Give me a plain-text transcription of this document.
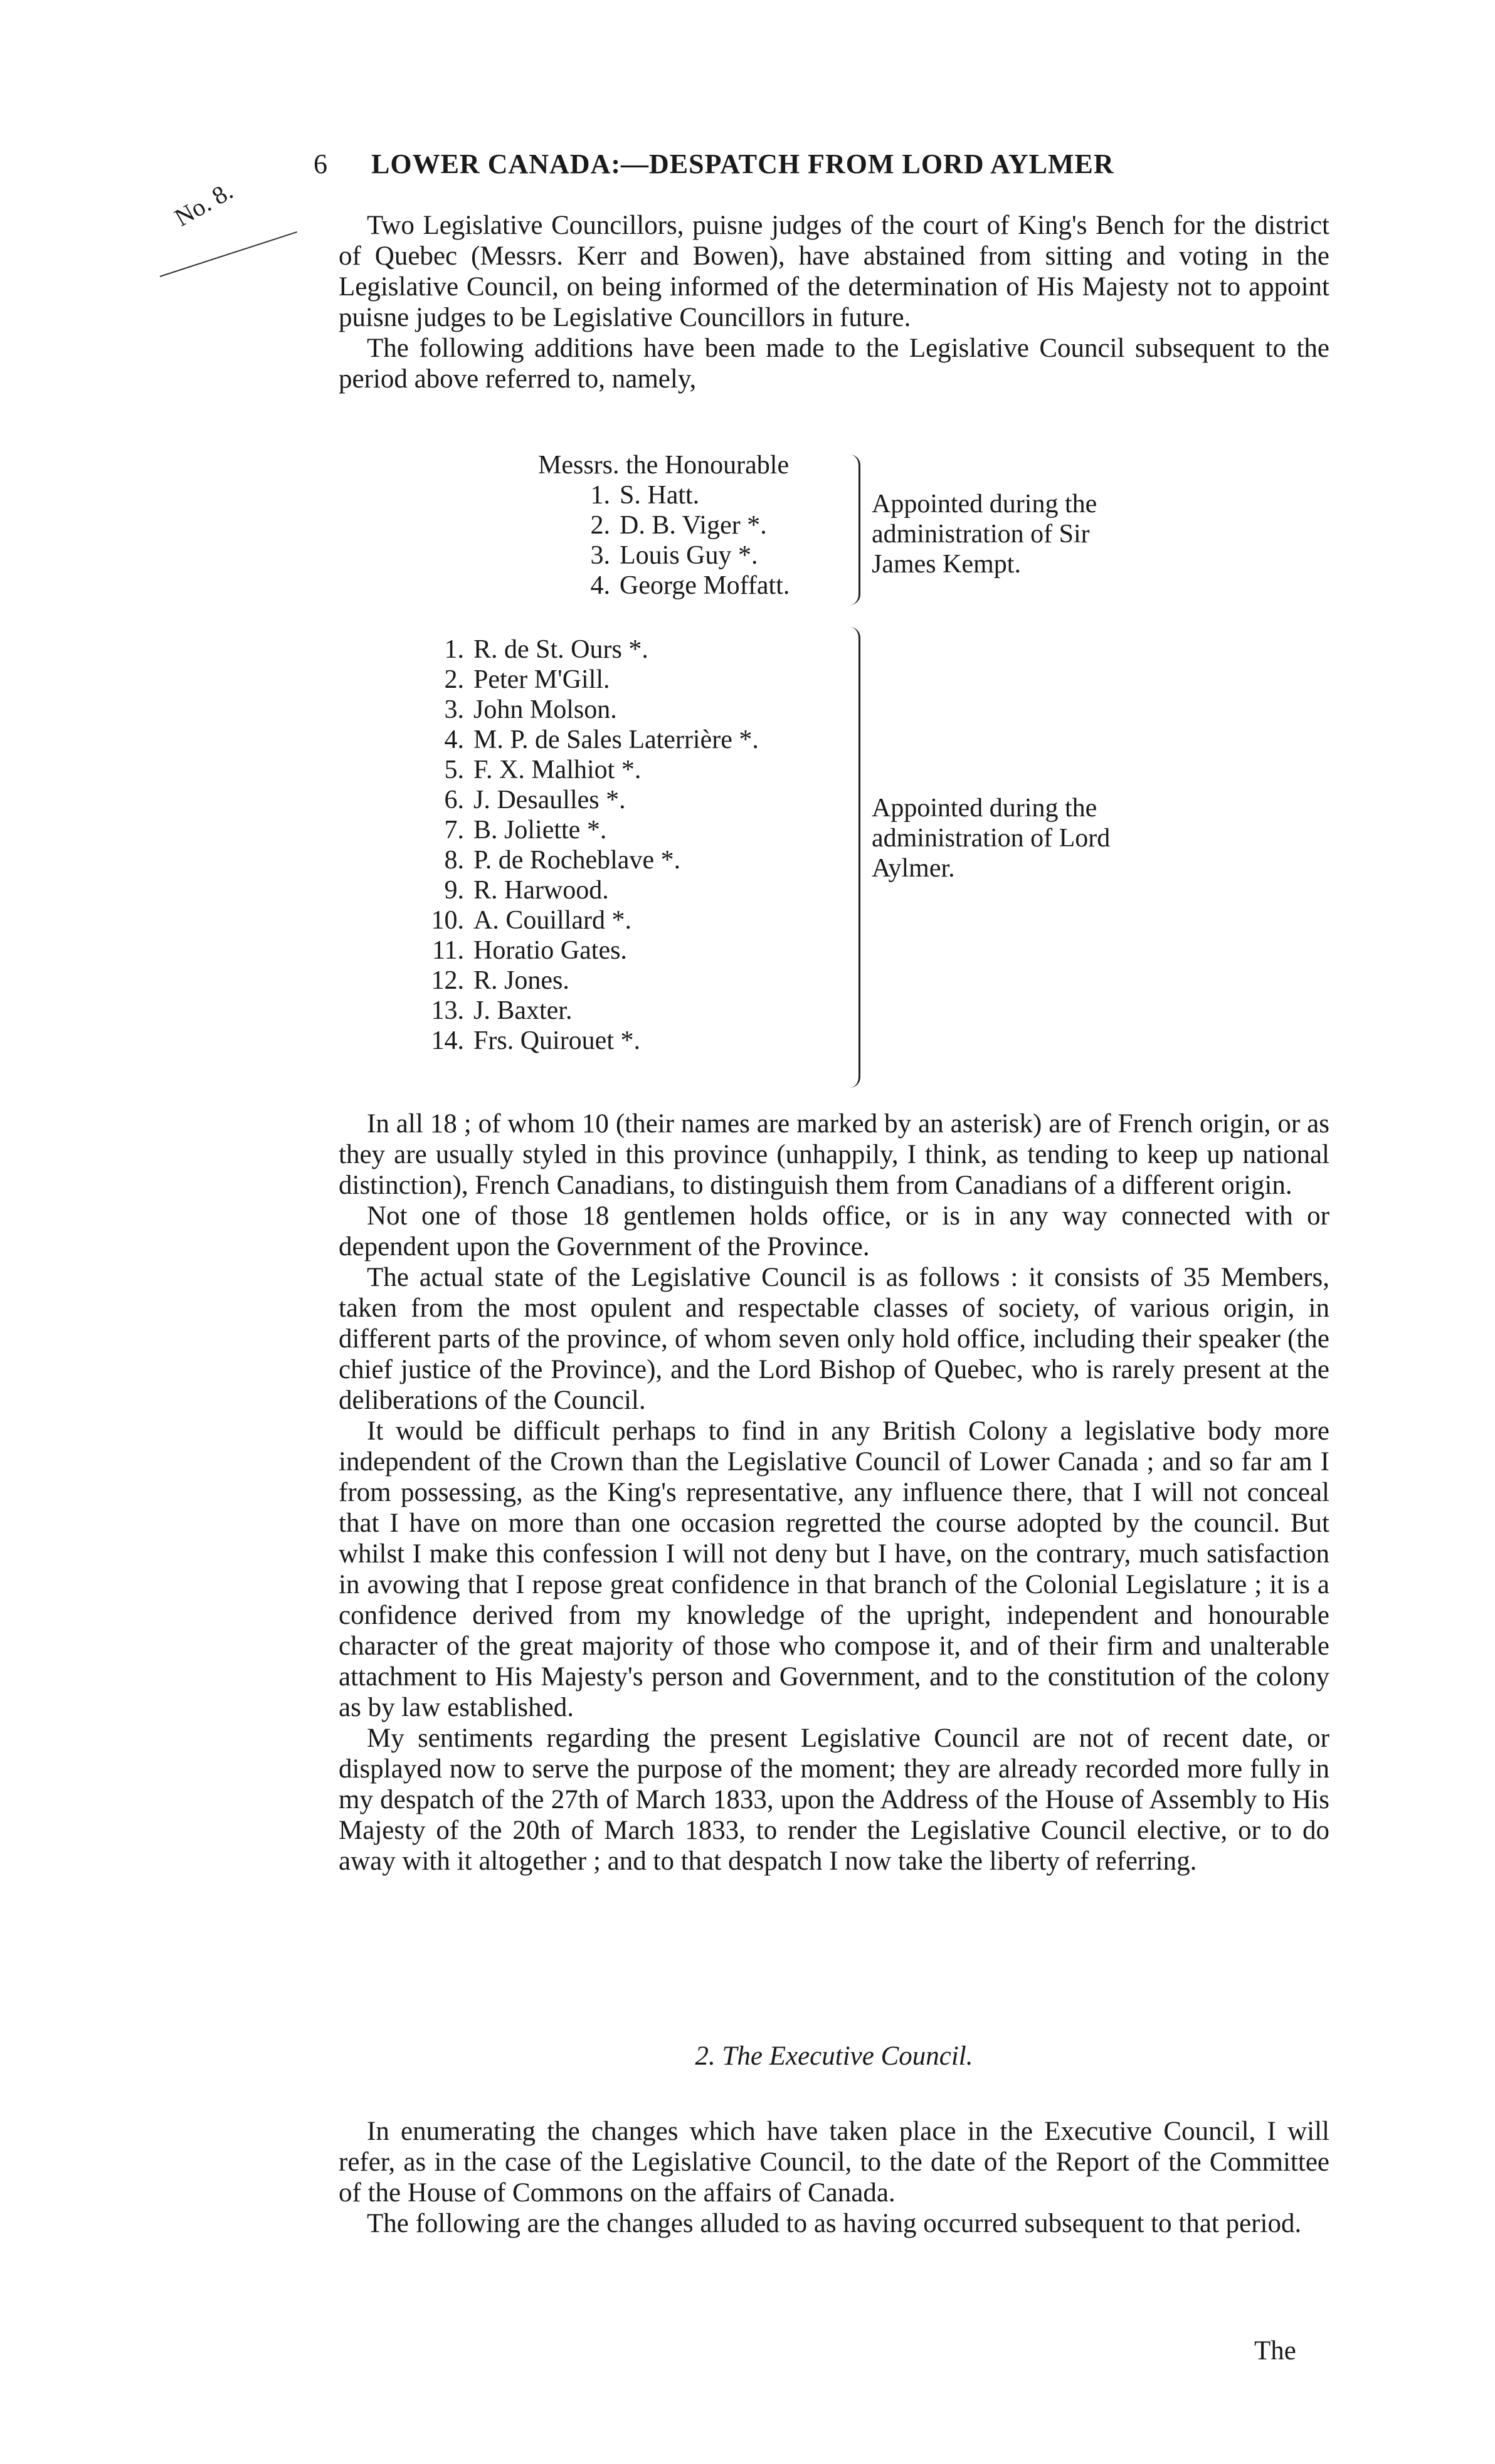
6 LOWER CANADA:—DESPATCH FROM LORD AYLMER
No. 8.	Two Legislative Councillors, puisne judges of the court of King's Bench for the district of Quebec (Messrs. Kerr and Bowen), have abstained from sitting and voting in the Legislative Council, on being informed of the determination of His Majesty not to appoint puisne judges to be Legislative Councillors in future.

The following additions have been made to the Legislative Council subsequent to the period above referred to, namely,

Messrs. the Honourable
1. S. Hatt.
2. D. B. Viger *.
3. Louis Guy *.
4. George Moffatt.
Appointed during the administration of Sir James Kempt.
1. R. de St. Ours *.
2. Peter M'Gill.
3. John Molson.
4. M. P. de Sales Laterrière *.
5. F. X. Malhiot *.
6. J. Desaulles *.
7. B. Joliette *.
8. P. de Rocheblave *.
9. R. Harwood.
10. A. Couillard *.
11. Horatio Gates.
12. R. Jones.
13. J. Baxter.
14. Frs. Quirouet *.
Appointed during the administration of Lord Aylmer.

In all 18 ; of whom 10 (their names are marked by an asterisk) are of French origin, or as they are usually styled in this province (unhappily, I think, as tending to keep up national distinction), French Canadians, to distinguish them from Canadians of a different origin.

Not one of those 18 gentlemen holds office, or is in any way connected with or dependent upon the Government of the Province.

The actual state of the Legislative Council is as follows : it consists of 35 Members, taken from the most opulent and respectable classes of society, of various origin, in different parts of the province, of whom seven only hold office, including their speaker (the chief justice of the Province), and the Lord Bishop of Quebec, who is rarely present at the deliberations of the Council.

It would be difficult perhaps to find in any British Colony a legislative body more independent of the Crown than the Legislative Council of Lower Canada ; and so far am I from possessing, as the King's representative, any influence there, that I will not conceal that I have on more than one occasion regretted the course adopted by the council. But whilst I make this confession I will not deny but I have, on the contrary, much satisfaction in avowing that I repose great confidence in that branch of the Colonial Legislature ; it is a confidence derived from my knowledge of the upright, independent and honourable character of the great majority of those who compose it, and of their firm and unalterable attachment to His Majesty's person and Government, and to the constitution of the colony as by law established.

My sentiments regarding the present Legislative Council are not of recent date, or displayed now to serve the purpose of the moment; they are already recorded more fully in my despatch of the 27th of March 1833, upon the Address of the House of Assembly to His Majesty of the 20th of March 1833, to render the Legislative Council elective, or to do away with it altogether ; and to that despatch I now take the liberty of referring.

2. The Executive Council.

In enumerating the changes which have taken place in the Executive Council, I will refer, as in the case of the Legislative Council, to the date of the Report of the Committee of the House of Commons on the affairs of Canada.

The following are the changes alluded to as having occurred subsequent to that period.

The
